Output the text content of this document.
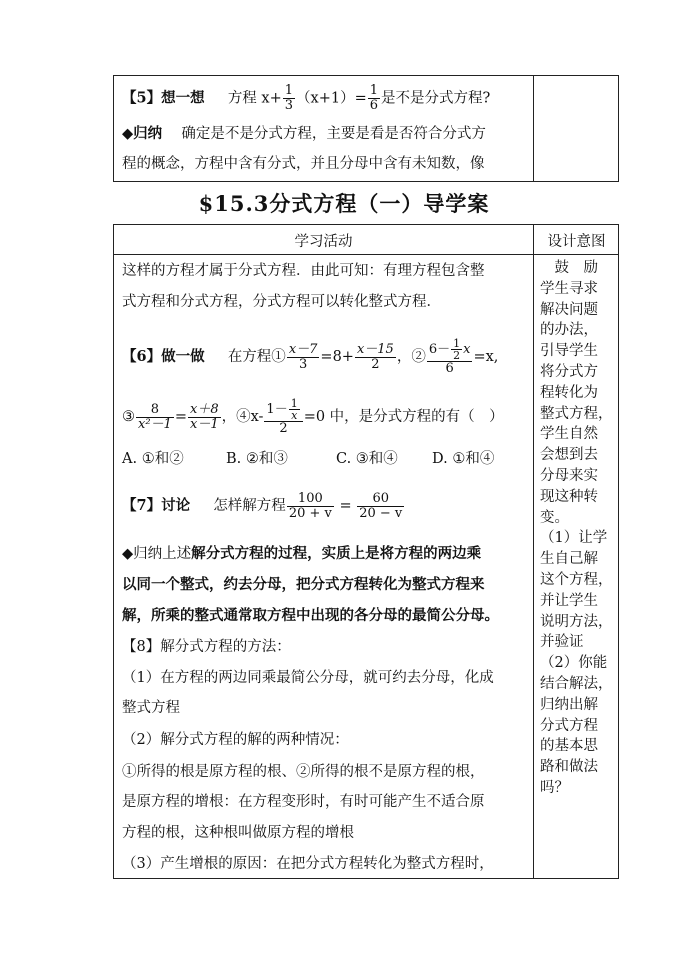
【5】想一想 方程 $x+ \frac{1}{3} (x+1)= \frac{1}{6}$ 是不是分式方程?
◆归纳 确定是不是分式方程，主要是看是否符合分式方
程的概念，方程中含有分式，并且分母中含有未知数，像
$15.3分式方程（一）导学案
学习活动	设计意图
这样的方程才属于分式方程．由此可知：有理方程包含整
式方程和分式方程，分式方程可以转化整式方程．
【6】做一做 在方程① $\frac{x-7}{3} =8+ \frac{x-15}{2}$ ，② $\frac{6- \frac{1}{2} x}{6} =x$,
③ $\frac{8}{\text{x²－1}} = \frac{x+8}{x-1}$ ，④x- $\frac{1- \frac{1}{x}}{2} =0$ 中，是分式方程的有（　）
A. ①和②	B. ②和③	C. ③和④ D. ①和④
【7】讨论 怎样解方程 $\frac{100}{20 + v} = \frac{60}{20 - v}$
◆归纳上述解分式方程的过程，实质上是将方程的两边乘
以同一个整式，约去分母，把分式方程转化为整式方程来
解，所乘的整式通常取方程中出现的各分母的最简公分母。
【8】解分式方程的方法：
（1）在方程的两边同乘最简公分母，就可约去分母，化成
整式方程
（2）解分式方程的解的两种情况：
①所得的根是原方程的根、②所得的根不是原方程的根，
是原方程的增根：在方程变形时，有时可能产生不适合原
方程的根，这种根叫做原方程的增根
（3）产生增根的原因：在把分式方程转化为整式方程时，
　鼓　励
学生寻求
解决问题
的办法，
引导学生
将分式方
程转化为
整式方程，
学生自然
会想到去
分母来实
现这种转
变。
（1）让学
生自己解
这个方程，
并让学生
说明方法，
并验证
（2）你能
结合解法，
归纳出解
分式方程
的基本思
路和做法
吗？
